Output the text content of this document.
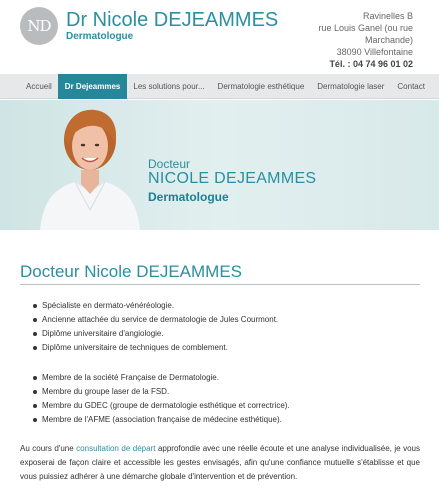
ND Dr Nicole DEJEAMMES
Dermatologue
Ravinelles B
rue Louis Ganel (ou rue
Marchande)
38090 Villefontaine
Tél. : 04 74 96 01 02
Accueil	Dr Dejeammes	Les solutions pour...	Dermatologie esthétique	Dermatologie laser	Contact
Docteur
NICOLE DEJEAMMES
Dermatologue
Docteur Nicole DEJEAMMES
Spécialiste en dermato-vénéréologie.
Ancienne attachée du service de dermatologie de Jules Courmont.
Diplôme universitaire d'angiologie.
Diplôme universitaire de techniques de comblement.
Membre de la société Française de Dermatologie.
Membre du groupe laser de la FSD.
Membre du GDEC (groupe de dermatologie esthétique et correctrice).
Membre de l'AFME (association française de médecine esthétique).

Au cours d'une consultation de départ approfondie avec une réelle écoute et une analyse individualisée, je vous exposerai de façon claire et accessible les gestes envisagés, afin qu'une confiance mutuelle s'établisse et que vous puissiez adhérer à une démarche globale d'intervention et de prévention.
